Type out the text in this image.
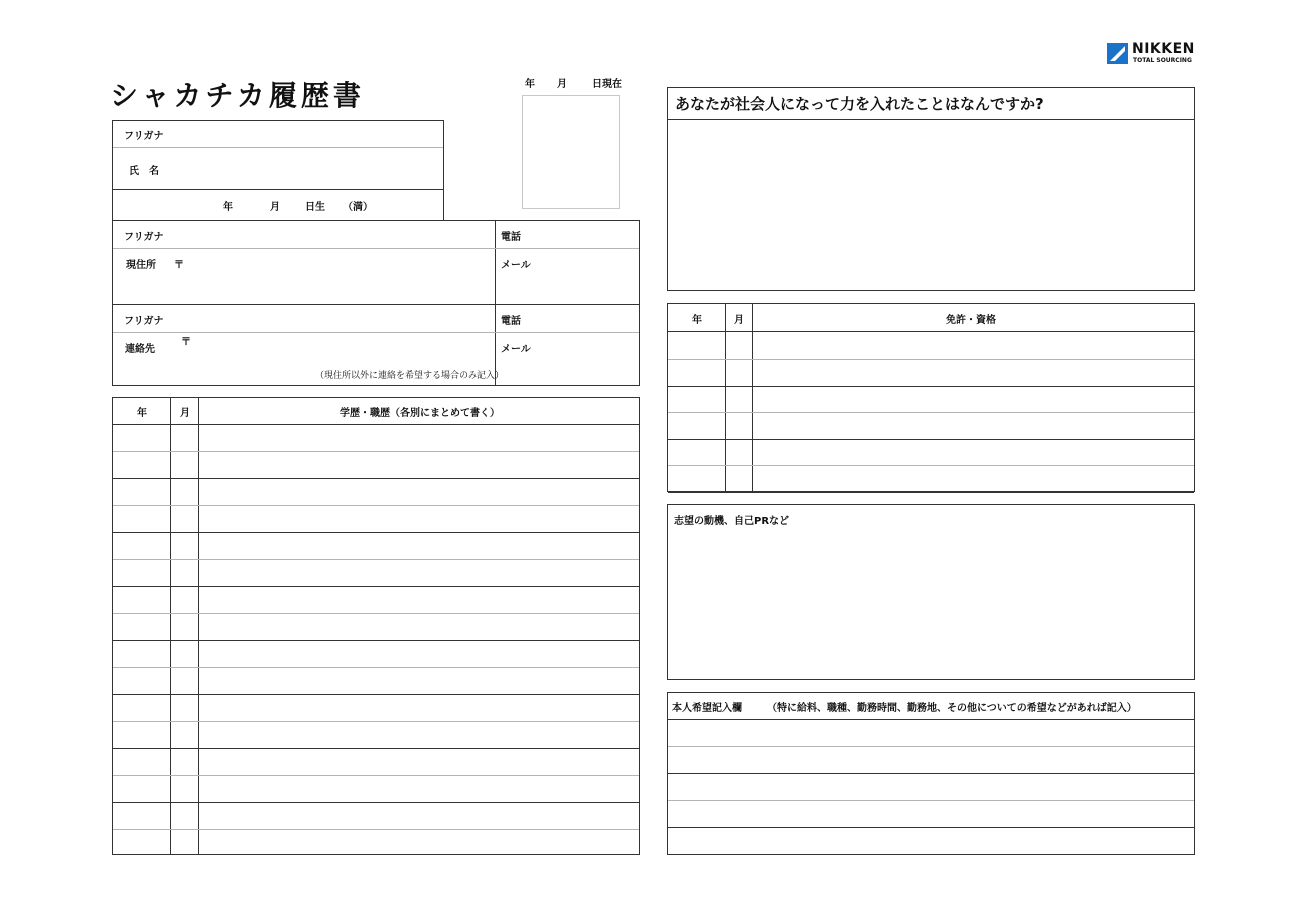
NIKKEN
TOTAL SOURCING
シャカチカ履歴書	年 月	日現在
フリガナ
氏　名
年	月	日生 （満）
フリガナ
現住所 〒
電話
メール
フリガナ
連絡先
〒
（現住所以外に連絡を希望する場合のみ記入）
電話
メール
年	月	学歴・職歴（各別にまとめて書く）
あなたが社会人になって力を入れたことはなんですか?
年	月	免許・資格
志望の動機、自己PRなど
本人希望記入欄	（特に給料、職種、勤務時間、勤務地、その他についての希望などがあれば記入）
